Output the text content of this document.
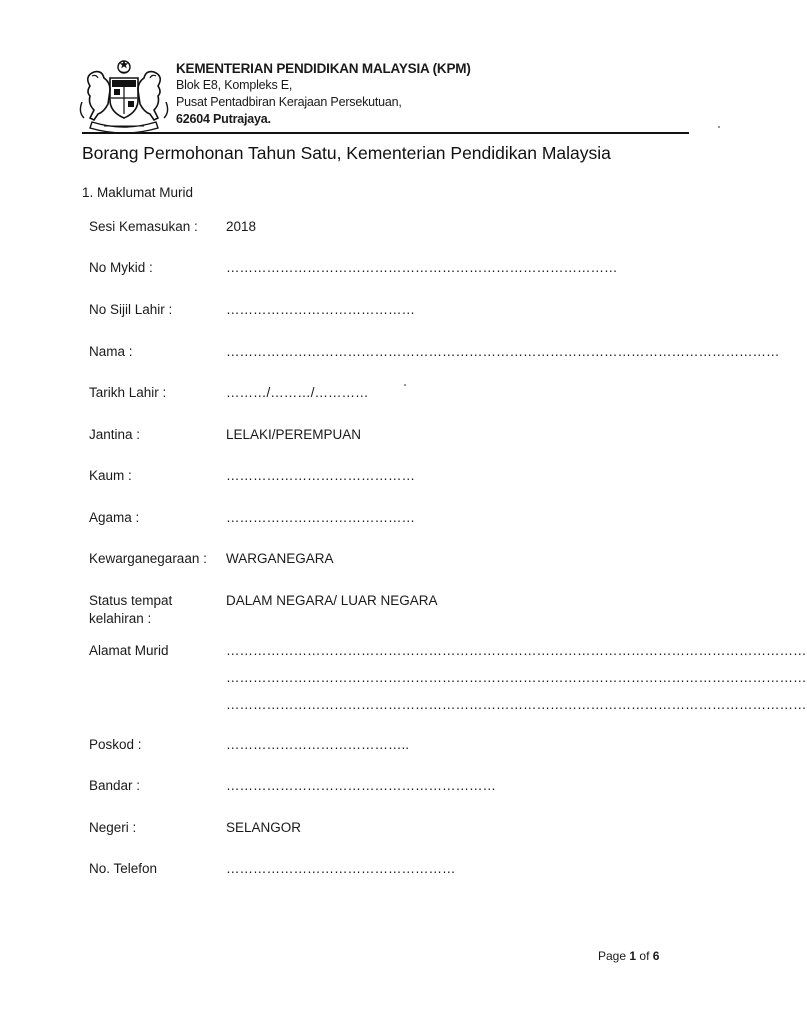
KEMENTERIAN PENDIDIKAN MALAYSIA (KPM)
Blok E8, Kompleks E,
Pusat Pentadbiran Kerajaan Persekutuan,
62604 Putrajaya.
Borang Permohonan Tahun Satu, Kementerian Pendidikan Malaysia
1. Maklumat Murid
Sesi Kemasukan : 2018
No Mykid :	……………………………………………………………………………
No Sijil Lahir :	……………………………………
Nama :	……………………………………………………………………………………………………………
Tarikh Lahir :	………/………/…………
Jantina :	LELAKI/PEREMPUAN
Kaum :	……………………………………
Agama :	……………………………………
Kewarganegaraan : WARGANEGARA
Status tempat
kelahiran :
DALAM NEGARA/ LUAR NEGARA
Alamat Murid	…………………………………………………………………………………………………………………
…………………………………………………………………………………………………………………
…………………………………………………………………………………………………………………
Poskod :	…………………………………..
Bandar :	……………………………………………………
Negeri :	SELANGOR
No. Telefon	……………………………………………
Page 1 of 6
